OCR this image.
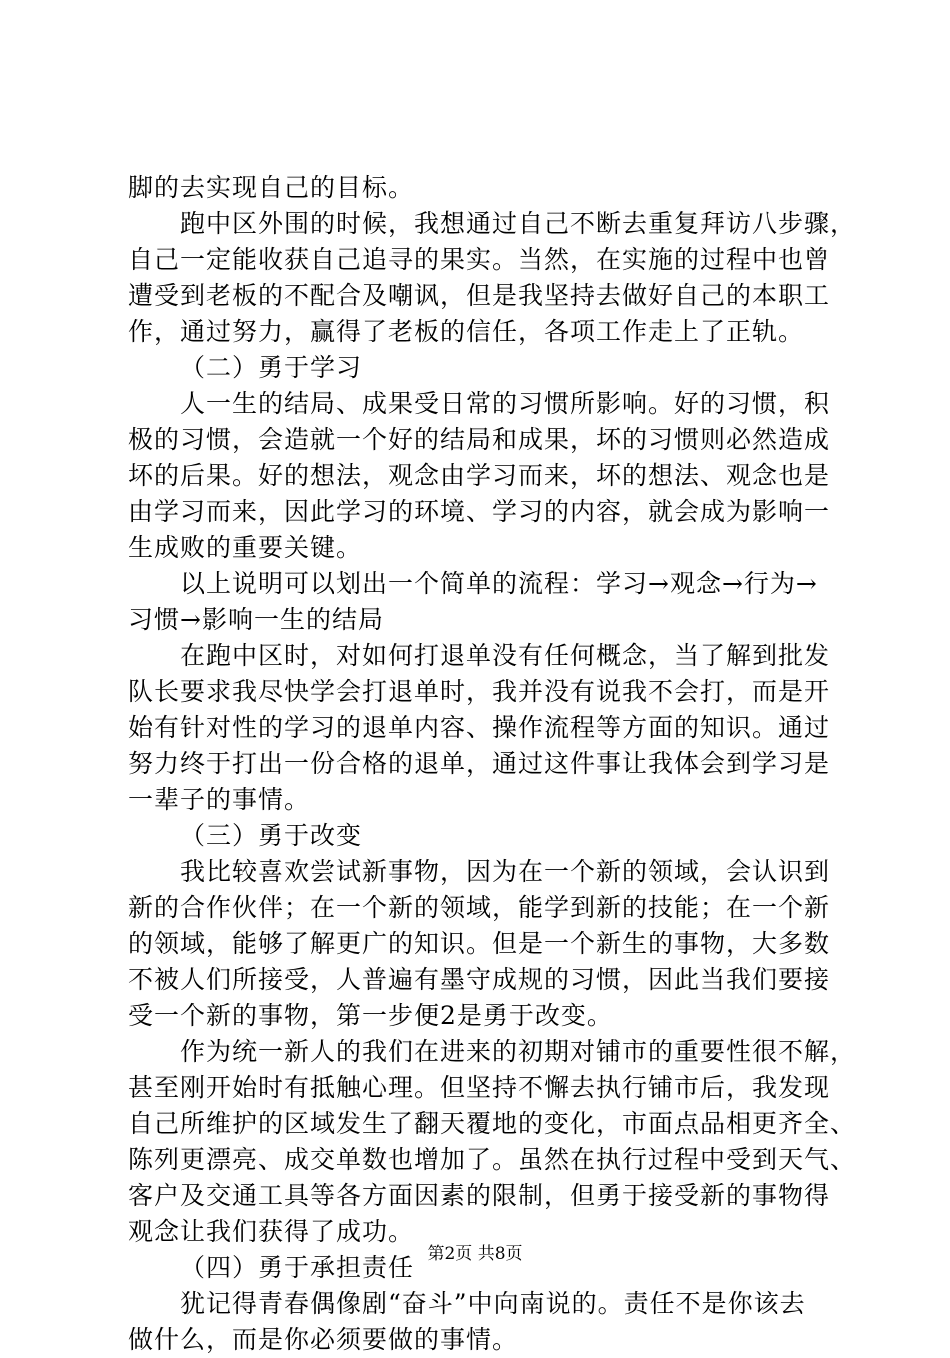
脚的去实现自己的目标。
跑中区外围的时候，我想通过自己不断去重复拜访八步骤，
自己一定能收获自己追寻的果实。当然，在实施的过程中也曾
遭受到老板的不配合及嘲讽，但是我坚持去做好自己的本职工
作，通过努力，赢得了老板的信任，各项工作走上了正轨。
（二）勇于学习
人一生的结局、成果受日常的习惯所影响。好的习惯，积
极的习惯，会造就一个好的结局和成果，坏的习惯则必然造成
坏的后果。好的想法，观念由学习而来，坏的想法、观念也是
由学习而来，因此学习的环境、学习的内容，就会成为影响一
生成败的重要关键。
以上说明可以划出一个简单的流程：学习→观念→行为→
习惯→影响一生的结局
在跑中区时，对如何打退单没有任何概念，当了解到批发
队长要求我尽快学会打退单时，我并没有说我不会打，而是开
始有针对性的学习的退单内容、操作流程等方面的知识。通过
努力终于打出一份合格的退单，通过这件事让我体会到学习是
一辈子的事情。
（三）勇于改变
我比较喜欢尝试新事物，因为在一个新的领域，会认识到
新的合作伙伴；在一个新的领域，能学到新的技能；在一个新
的领域，能够了解更广的知识。但是一个新生的事物，大多数
不被人们所接受，人普遍有墨守成规的习惯，因此当我们要接
受一个新的事物，第一步便2是勇于改变。
作为统一新人的我们在进来的初期对铺市的重要性很不解，
甚至刚开始时有抵触心理。但坚持不懈去执行铺市后，我发现
自己所维护的区域发生了翻天覆地的变化，市面点品相更齐全、
陈列更漂亮、成交单数也增加了。虽然在执行过程中受到天气、
客户及交通工具等各方面因素的限制，但勇于接受新的事物得
观念让我们获得了成功。
（四）勇于承担责任
犹记得青春偶像剧“奋斗”中向南说的。责任不是你该去
做什么，而是你必须要做的事情。
第2页 共8页
